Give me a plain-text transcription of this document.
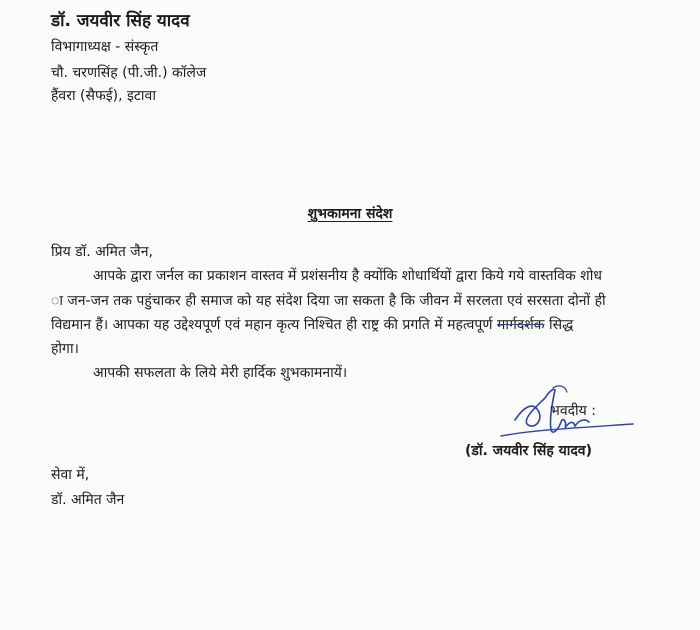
डॉ. जयवीर सिंह यादव
विभागाध्यक्ष - संस्कृत
चौ. चरणसिंह (पी.जी.) कॉलेज
हैंवरा (सैफई), इटावा
शुभकामना संदेश
प्रिय डॉ. अमित जैन,
आपके द्वारा जर्नल का प्रकाशन वास्तव में प्रशंसनीय है क्योंकि शोधार्थियों द्वारा किये गये वास्तविक शोध
ा जन-जन तक पहुंचाकर ही समाज को यह संदेश दिया जा सकता है कि जीवन में सरलता एवं सरसता दोनों ही
विद्यमान हैं। आपका यह उद्देश्यपूर्ण एवं महान कृत्य निश्चित ही राष्ट्र की प्रगति में महत्वपूर्ण मार्गदर्शक सिद्ध
होगा।
आपकी सफलता के लिये मेरी हार्दिक शुभकामनायें।
भवदीय :
(डॉ. जयवीर सिंह यादव)
सेवा में,
डॉ. अमित जैन
